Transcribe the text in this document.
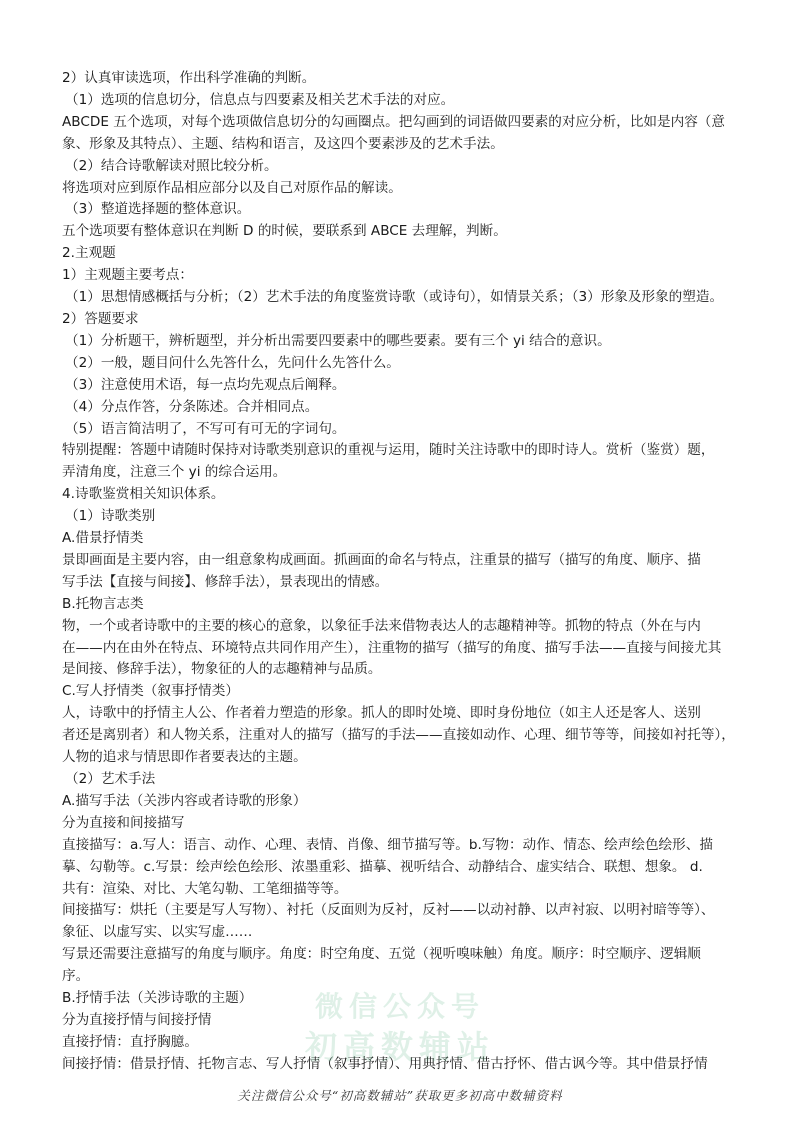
2）认真审读选项，作出科学准确的判断。
（1）选项的信息切分，信息点与四要素及相关艺术手法的对应。
ABCDE 五个选项，对每个选项做信息切分的勾画圈点。把勾画到的词语做四要素的对应分析，比如是内容（意
象、形象及其特点）、主题、结构和语言，及这四个要素涉及的艺术手法。
（2）结合诗歌解读对照比较分析。
将选项对应到原作品相应部分以及自己对原作品的解读。
（3）整道选择题的整体意识。
五个选项要有整体意识在判断 D 的时候，要联系到 ABCE 去理解，判断。
2.主观题
1）主观题主要考点：
（1）思想情感概括与分析；（2）艺术手法的角度鉴赏诗歌（或诗句），如情景关系；（3）形象及形象的塑造。
2）答题要求
（1）分析题干，辨析题型，并分析出需要四要素中的哪些要素。要有三个 yi 结合的意识。
（2）一般，题目问什么先答什么，先问什么先答什么。
（3）注意使用术语，每一点均先观点后阐释。
（4）分点作答，分条陈述。合并相同点。
（5）语言简洁明了，不写可有可无的字词句。
特别提醒：答题中请随时保持对诗歌类别意识的重视与运用，随时关注诗歌中的即时诗人。赏析（鉴赏）题，
弄清角度，注意三个 yi 的综合运用。
4.诗歌鉴赏相关知识体系。
（1）诗歌类别
A.借景抒情类
景即画面是主要内容，由一组意象构成画面。抓画面的命名与特点，注重景的描写（描写的角度、顺序、描
写手法【直接与间接】、修辞手法），景表现出的情感。
B.托物言志类
物，一个或者诗歌中的主要的核心的意象，以象征手法来借物表达人的志趣精神等。抓物的特点（外在与内
在——内在由外在特点、环境特点共同作用产生），注重物的描写（描写的角度、描写手法——直接与间接尤其
是间接、修辞手法），物象征的人的志趣精神与品质。
C.写人抒情类（叙事抒情类）
人，诗歌中的抒情主人公、作者着力塑造的形象。抓人的即时处境、即时身份地位（如主人还是客人、送别
者还是离别者）和人物关系，注重对人的描写（描写的手法——直接如动作、心理、细节等等，间接如衬托等），
人物的追求与情思即作者要表达的主题。
（2）艺术手法
A.描写手法（关涉内容或者诗歌的形象）
分为直接和间接描写
直接描写：a.写人：语言、动作、心理、表情、肖像、细节描写等。b.写物：动作、情态、绘声绘色绘形、描
摹、勾勒等。c.写景：绘声绘色绘形、浓墨重彩、描摹、视听结合、动静结合、虚实结合、联想、想象。 d.
共有：渲染、对比、大笔勾勒、工笔细描等等。
间接描写：烘托（主要是写人写物）、衬托（反面则为反衬，反衬——以动衬静、以声衬寂、以明衬暗等等）、
象征、以虚写实、以实写虚……
写景还需要注意描写的角度与顺序。角度：时空角度、五觉（视听嗅味触）角度。顺序：时空顺序、逻辑顺
序。
B.抒情手法（关涉诗歌的主题）
分为直接抒情与间接抒情
直接抒情：直抒胸臆。
间接抒情：借景抒情、托物言志、写人抒情（叙事抒情）、用典抒情、借古抒怀、借古讽今等。其中借景抒情
微信公众号
初高数辅站
关注微信公众号“初高数辅站”获取更多初高中数辅资料
